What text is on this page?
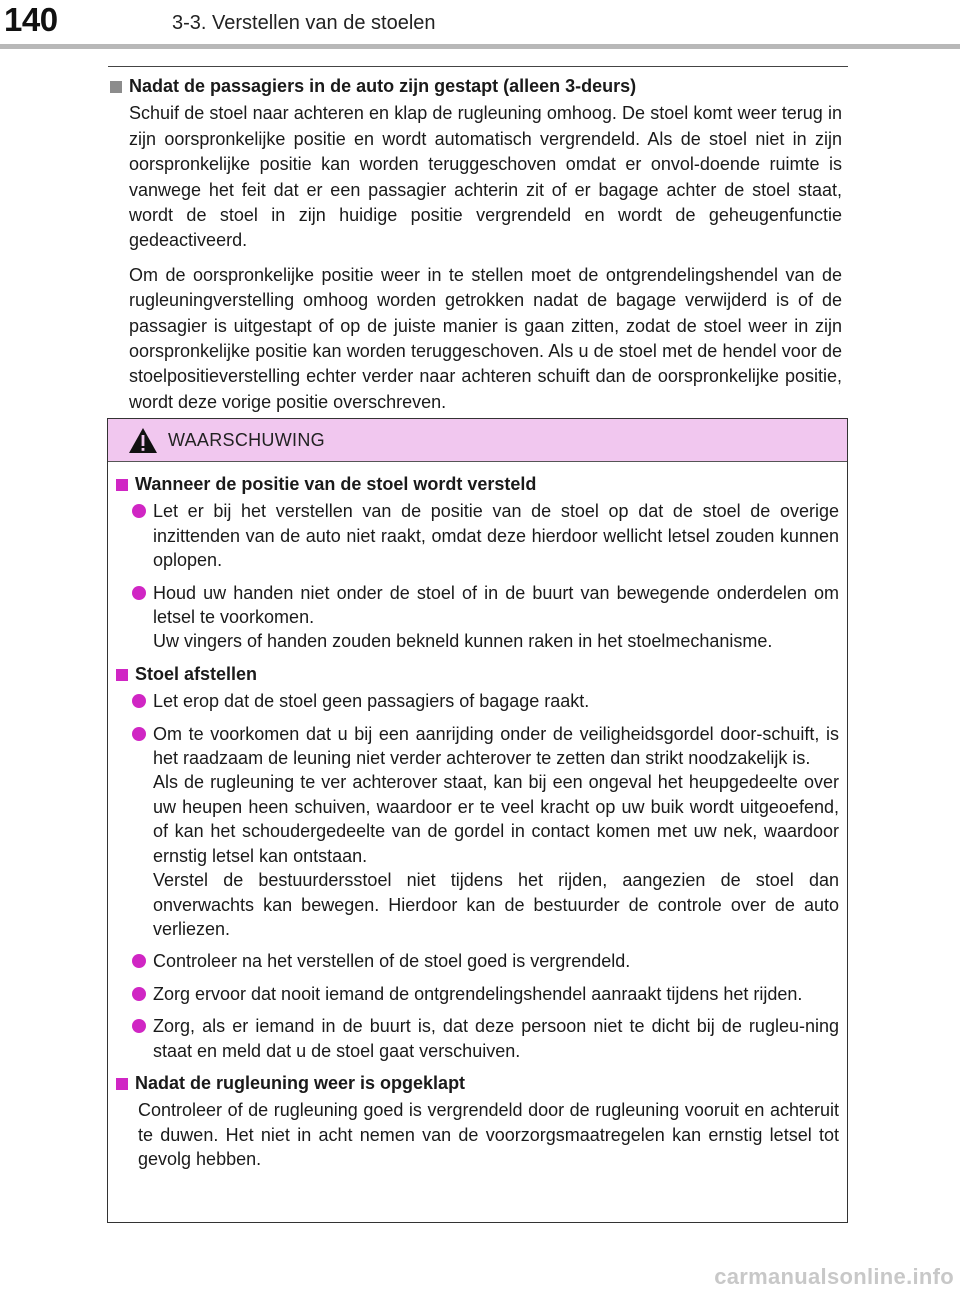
140	3-3. Verstellen van de stoelen
Nadat de passagiers in de auto zijn gestapt (alleen 3-deurs)

Schuif de stoel naar achteren en klap de rugleuning omhoog. De stoel komt weer terug in zijn oorspronkelijke positie en wordt automatisch vergrendeld. Als de stoel niet in zijn oorspronkelijke positie kan worden teruggeschoven omdat er onvol-doende ruimte is vanwege het feit dat er een passagier achterin zit of er bagage achter de stoel staat, wordt de stoel in zijn huidige positie vergrendeld en wordt de geheugenfunctie gedeactiveerd.

Om de oorspronkelijke positie weer in te stellen moet de ontgrendelingshendel van de rugleuningverstelling omhoog worden getrokken nadat de bagage verwijderd is of de passagier is uitgestapt of op de juiste manier is gaan zitten, zodat de stoel weer in zijn oorspronkelijke positie kan worden teruggeschoven. Als u de stoel met de hendel voor de stoelpositieverstelling echter verder naar achteren schuift dan de oorspronkelijke positie, wordt deze vorige positie overschreven.

WAARSCHUWING
Wanneer de positie van de stoel wordt versteld
Let er bij het verstellen van de positie van de stoel op dat de stoel de overige inzittenden van de auto niet raakt, omdat deze hierdoor wellicht letsel zouden kunnen oplopen.
Houd uw handen niet onder de stoel of in de buurt van bewegende onderdelen om letsel te voorkomen.
Uw vingers of handen zouden bekneld kunnen raken in het stoelmechanisme.
Stoel afstellen
Let erop dat de stoel geen passagiers of bagage raakt.
Om te voorkomen dat u bij een aanrijding onder de veiligheidsgordel door-schuift, is het raadzaam de leuning niet verder achterover te zetten dan strikt noodzakelijk is.
Als de rugleuning te ver achterover staat, kan bij een ongeval het heupgedeelte over uw heupen heen schuiven, waardoor er te veel kracht op uw buik wordt uitgeoefend, of kan het schoudergedeelte van de gordel in contact komen met uw nek, waardoor ernstig letsel kan ontstaan.
Verstel de bestuurdersstoel niet tijdens het rijden, aangezien de stoel dan onverwachts kan bewegen. Hierdoor kan de bestuurder de controle over de auto verliezen.
Controleer na het verstellen of de stoel goed is vergrendeld.
Zorg ervoor dat nooit iemand de ontgrendelingshendel aanraakt tijdens het rijden.
Zorg, als er iemand in de buurt is, dat deze persoon niet te dicht bij de rugleu-ning staat en meld dat u de stoel gaat verschuiven.
Nadat de rugleuning weer is opgeklapt

Controleer of de rugleuning goed is vergrendeld door de rugleuning vooruit en achteruit te duwen. Het niet in acht nemen van de voorzorgsmaatregelen kan ernstig letsel tot gevolg hebben.

carmanualsonline.info
